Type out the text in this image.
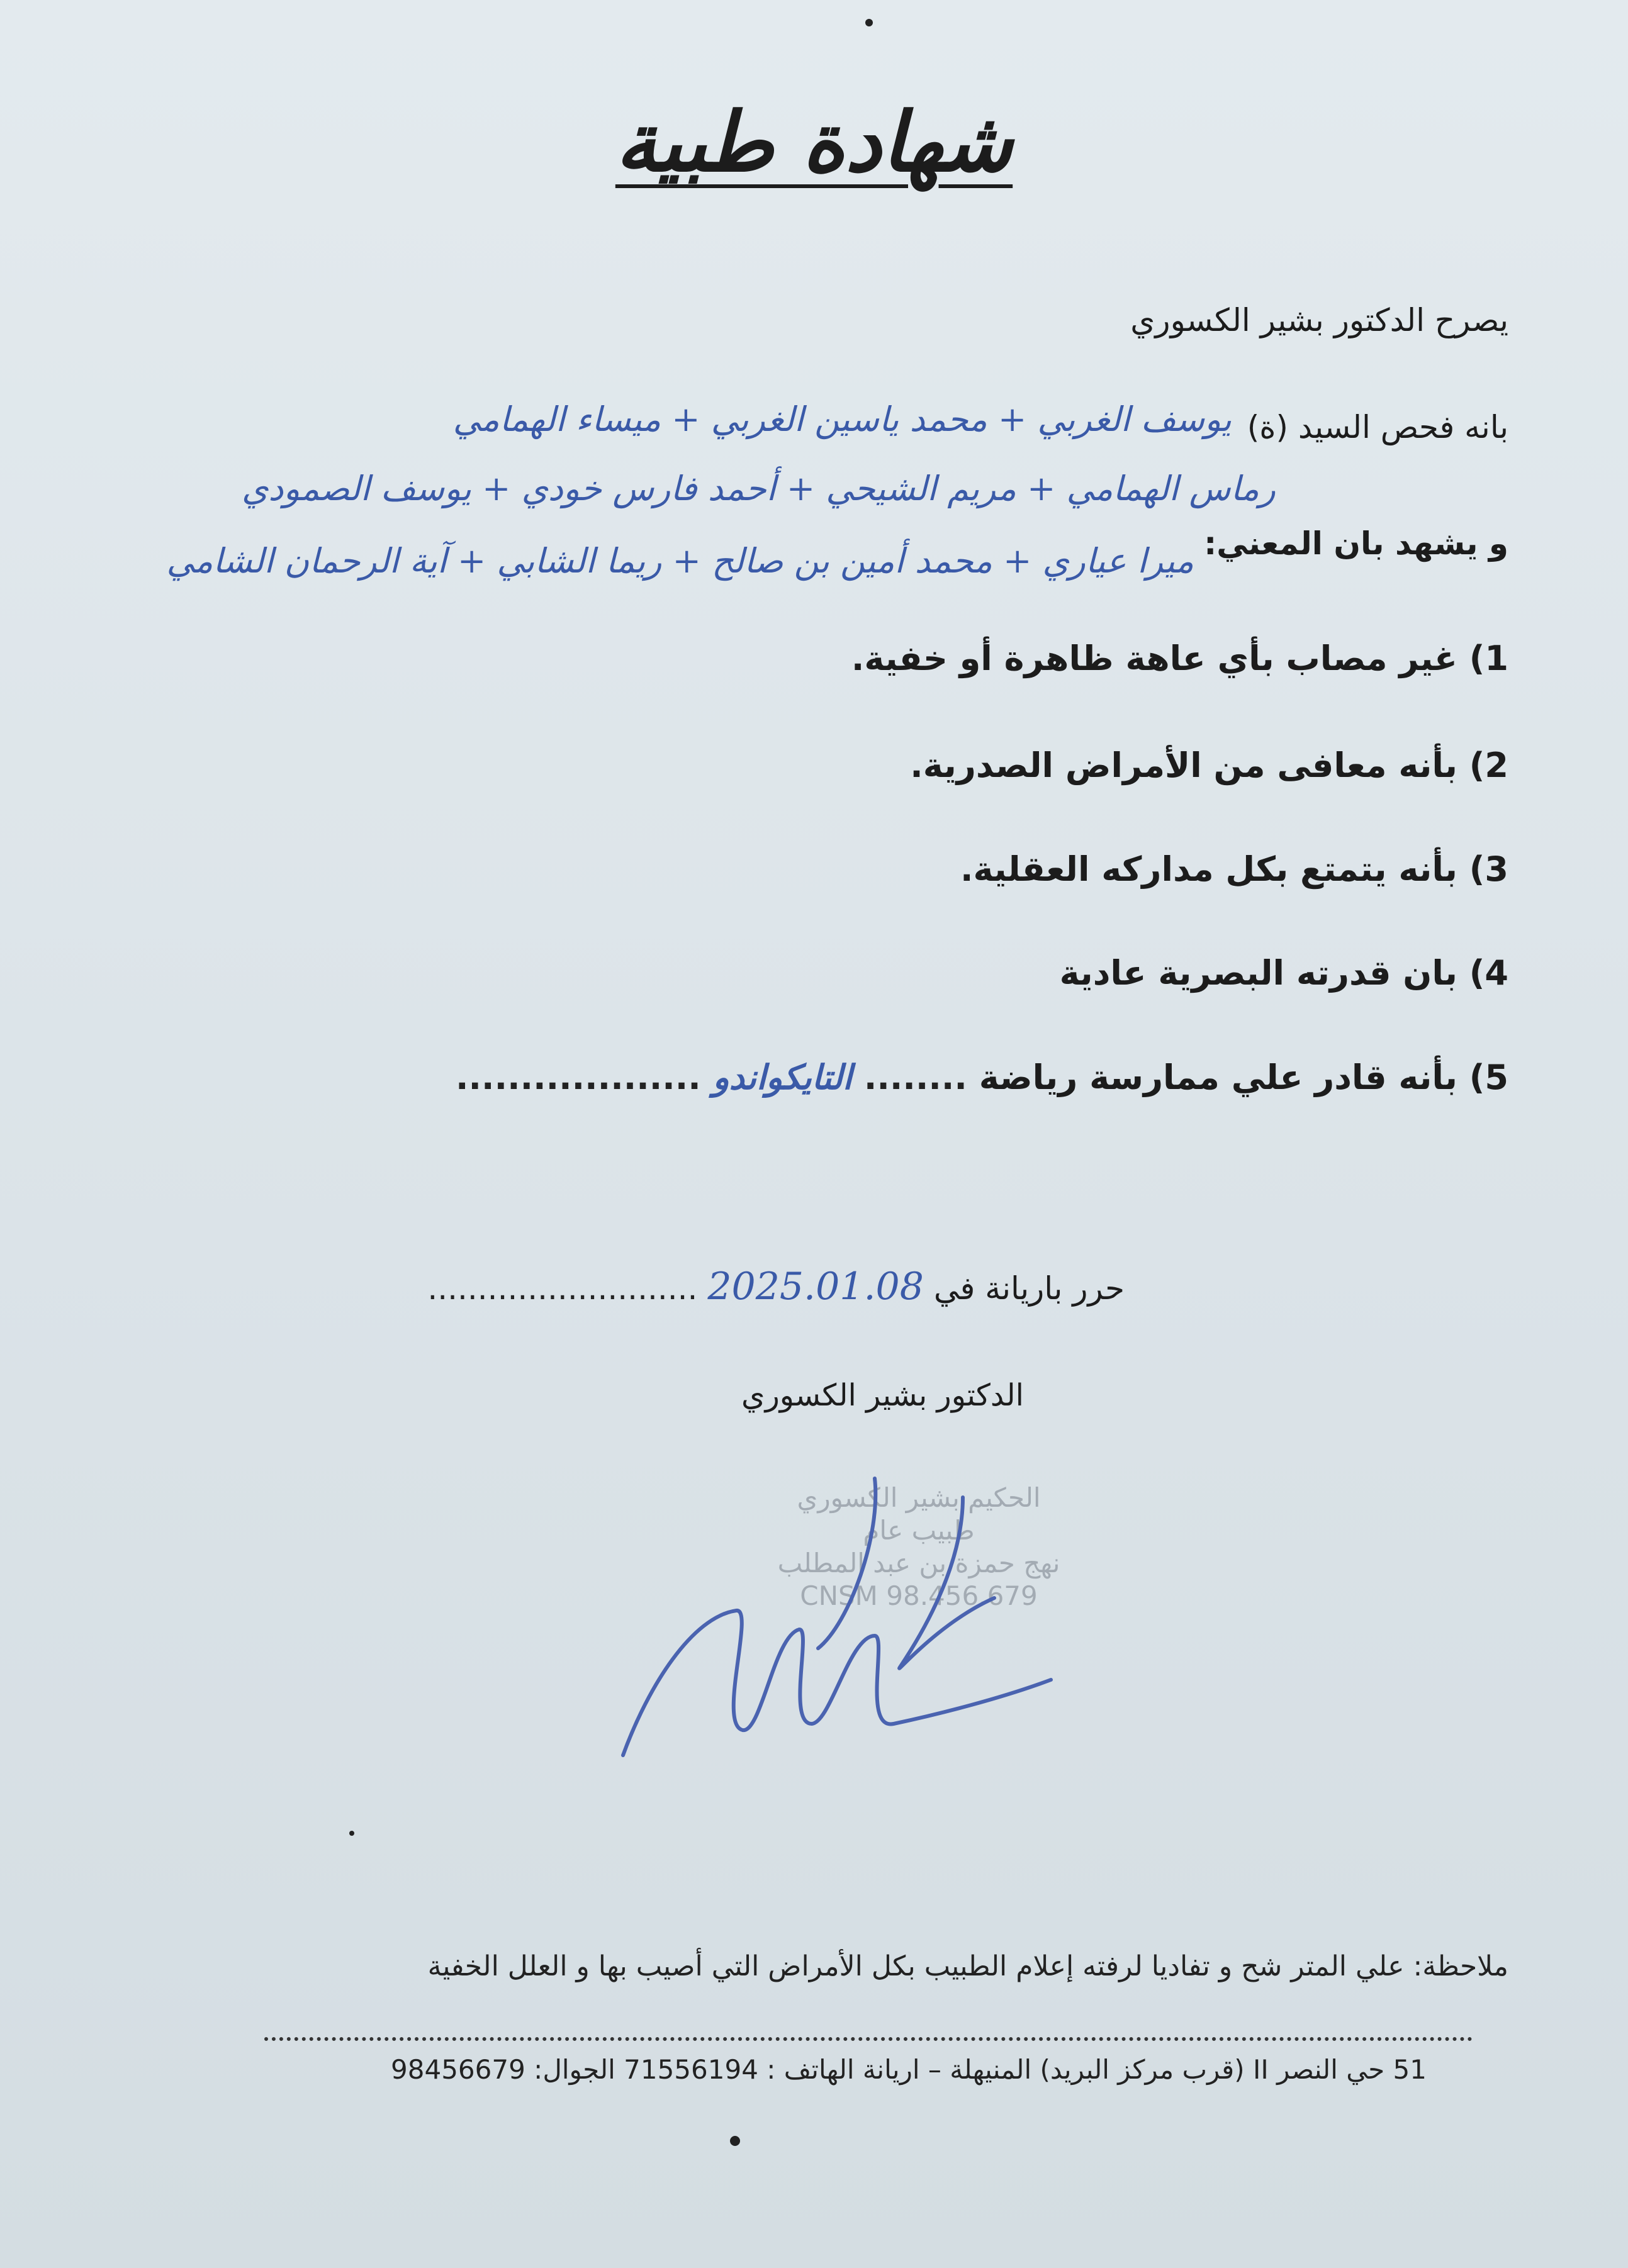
شهادة طبية
يصرح الدكتور بشير الكسوري
بانه فحص السيد (ة)
يوسف الغربي + محمد ياسين الغربي + ميساء الهمامي
رماس الهمامي + مريم الشيحي + أحمد فارس خودي + يوسف الصمودي
و يشهد بان المعني:
ميرا عياري + محمد أمين بن صالح + ريما الشابي + آية الرحمان الشامي
1) غير مصاب بأي عاهة ظاهرة أو خفية.
2) بأنه معافى من الأمراض الصدرية.
3) بأنه يتمتع بكل مداركه العقلية.
4) بان قدرته البصرية عادية
5) بأنه قادر علي ممارسة رياضة ........ التايكواندو ...................
حرر باريانة في 2025.01.08 ...........................
الدكتور بشير الكسوري
الحكيم بشير الكسوري
طبيب عام
نهج حمزة بن عبد المطلب
CNSM 98.456.679
ملاحظة: علي المتر شح و تفاديا لرفته إعلام الطبيب بكل الأمراض التي أصيب بها و العلل الخفية
51 حي النصر II (قرب مركز البريد) المنيهلة – اريانة الهاتف : 71556194 الجوال: 98456679
